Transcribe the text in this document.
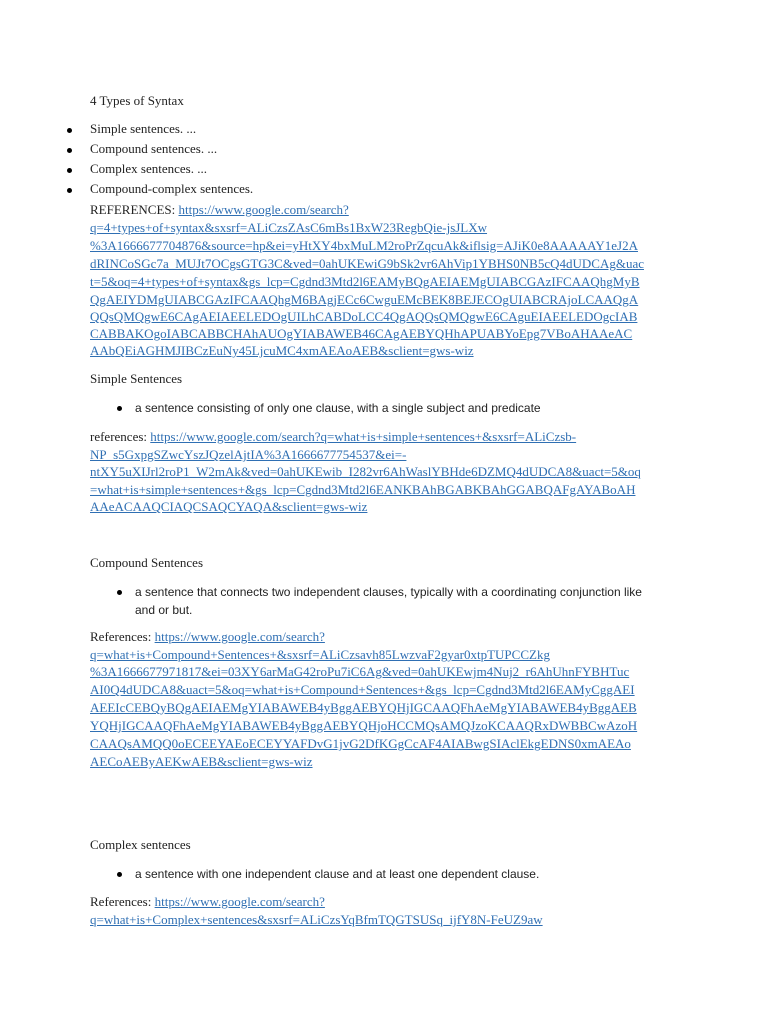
4 Types of Syntax
Simple sentences. ...
Compound sentences. ...
Complex sentences. ...
Compound-complex sentences.
REFERENCES: https://www.google.com/search?
q=4+types+of+syntax&sxsrf=ALiCzsZAsC6mBs1BxW23RegbQie-jsJLXw
%3A1666677704876&source=hp&ei=yHtXY4bxMuLM2roPrZqcuAk&iflsig=AJiK0e8AAAAAY1eJ2A
dRINCoSGc7a_MUJt7OCgsGTG3C&ved=0ahUKEwiG9bSk2vr6AhVip1YBHS0NB5cQ4dUDCAg&uac
t=5&oq=4+types+of+syntax&gs_lcp=Cgdnd3Mtd2l6EAMyBQgAEIAEMgUIABCGAzIFCAAQhgMyB
QgAEIYDMgUIABCGAzIFCAAQhgM6BAgjECc6CwguEMcBEK8BEJECOgUIABCRAjoLCAAQgA
QQsQMQgwE6CAgAEIAEELEDOgUILhCABDoLCC4QgAQQsQMQgwE6CAguEIAEELEDOgcIAB
CABBAKOgoIABCABBCHAhAUOgYIABAWEB46CAgAEBYQHhAPUABYoEpg7VBoAHAAeAC
AAbQEiAGHMJIBCzEuNy45LjcuMC4xmAEAoAEB&sclient=gws-wiz
Simple Sentences
a sentence consisting of only one clause, with a single subject and predicate
references: https://www.google.com/search?q=what+is+simple+sentences+&sxsrf=ALiCzsb-
NP_s5GxpgSZwcYszJQzelAjtIA%3A1666677754537&ei=-
ntXY5uXIJrl2roP1_W2mAk&ved=0ahUKEwib_I282vr6AhWaslYBHde6DZMQ4dUDCA8&uact=5&oq
=what+is+simple+sentences+&gs_lcp=Cgdnd3Mtd2l6EANKBAhBGABKBAhGGABQAFgAYABoAH
AAeACAAQCIAQCSAQCYAQA&sclient=gws-wiz
Compound Sentences
a sentence that connects two independent clauses, typically with a coordinating conjunction like
and or but.
References: https://www.google.com/search?
q=what+is+Compound+Sentences+&sxsrf=ALiCzsavh85LwzvaF2gyar0xtpTUPCCZkg
%3A1666677971817&ei=03XY6arMaG42roPu7iC6Ag&ved=0ahUKEwjm4Nuj2_r6AhUhnFYBHTuc
AI0Q4dUDCA8&uact=5&oq=what+is+Compound+Sentences+&gs_lcp=Cgdnd3Mtd2l6EAMyCggAEI
AEEIcCEBQyBQgAEIAEMgYIABAWEB4yBggAEBYQHjIGCAAQFhAeMgYIABAWEB4yBggAEB
YQHjIGCAAQFhAeMgYIABAWEB4yBggAEBYQHjoHCCMQsAMQJzoKCAAQRxDWBBCwAzoH
CAAQsAMQQ0oECEEYAEoECEYYAFDvG1jvG2DfKGgCcAF4AIABwgSIAclEkgEDNS0xmAEAo
AECoAEByAEKwAEB&sclient=gws-wiz
Complex sentences
a sentence with one independent clause and at least one dependent clause.
References: https://www.google.com/search?
q=what+is+Complex+sentences&sxsrf=ALiCzsYqBfmTQGTSUSq_ijfY8N-FeUZ9aw
